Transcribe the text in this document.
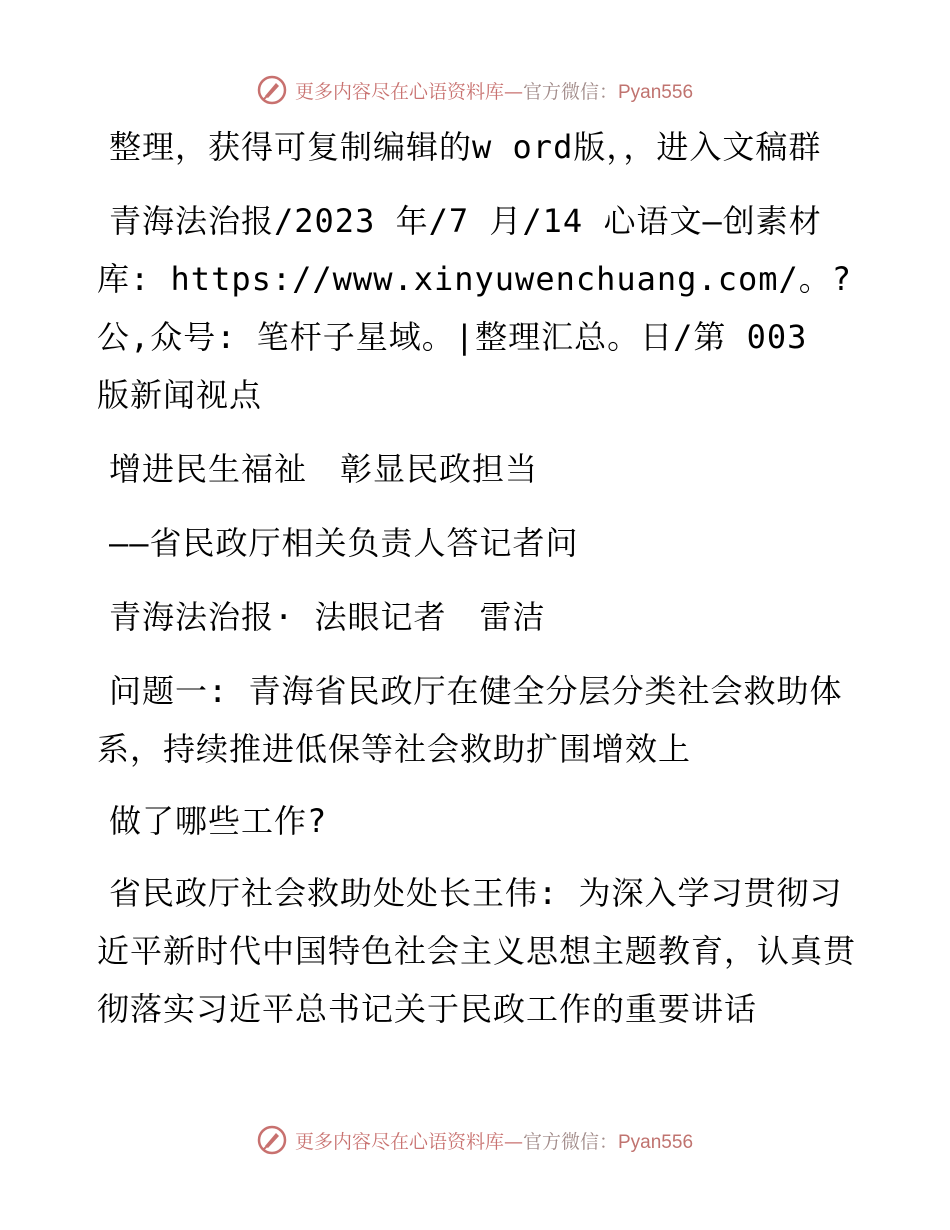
更多内容尽在心语资料库—官方微信：Pyan556

整理，获得可复制编辑的w ord版，，进入文稿群

青海法治报/2023 年/7 月/14 心语文—创素材库: https://www.xinyuwenchuang.com/。?公,众号: 笔杆子星域。|整理汇总。日/第 003 版新闻视点

增进民生福祉　彰显民政担当

——省民政厅相关负责人答记者问

青海法治报· 法眼记者　雷洁

问题一: 青海省民政厅在健全分层分类社会救助体系，持续推进低保等社会救助扩围增效上

做了哪些工作?

省民政厅社会救助处处长王伟: 为深入学习贯彻习近平新时代中国特色社会主义思想主题教育，认真贯彻落实习近平总书记关于民政工作的重要讲话

更多内容尽在心语资料库—官方微信：Pyan556
